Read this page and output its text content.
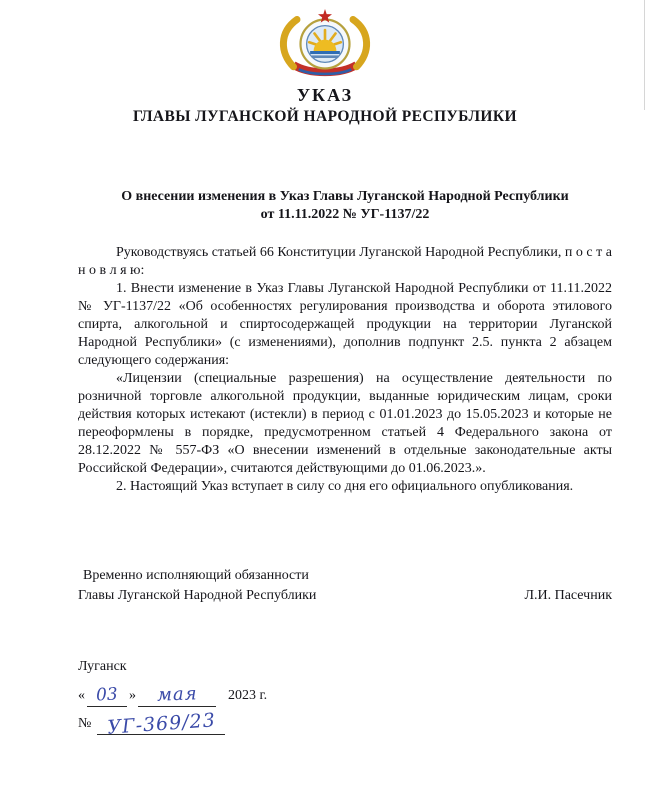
УКАЗ
ГЛАВЫ ЛУГАНСКОЙ НАРОДНОЙ РЕСПУБЛИКИ
О внесении изменения в Указ Главы Луганской Народной Республики
от 11.11.2022 № УГ-1137/22

Руководствуясь статьей 66 Конституции Луганской Народной Республики, п о с т а н о в л я ю:

1. Внести изменение в Указ Главы Луганской Народной Республики от 11.11.2022 № УГ-1137/22 «Об особенностях регулирования производства и оборота этилового спирта, алкогольной и спиртосодержащей продукции на территории Луганской Народной Республики» (с изменениями), дополнив подпункт 2.5. пункта 2 абзацем следующего содержания:

«Лицензии (специальные разрешения) на осуществление деятельности по розничной торговле алкогольной продукции, выданные юридическим лицам, сроки действия которых истекают (истекли) в период с 01.01.2023 до 15.05.2023 и которые не переоформлены в порядке, предусмотренном статьей 4 Федерального закона от 28.12.2022 № 557-ФЗ «О внесении изменений в отдельные законодательные акты Российской Федерации», считаются действующими до 01.06.2023.».

2. Настоящий Указ вступает в силу со дня его официального опубликования.

Временно исполняющий обязанности
Главы Луганской Народной Республики	Л.И. Пасечник
Луганск
« 03 »	мая	2023 г.
№ УГ-369/23
